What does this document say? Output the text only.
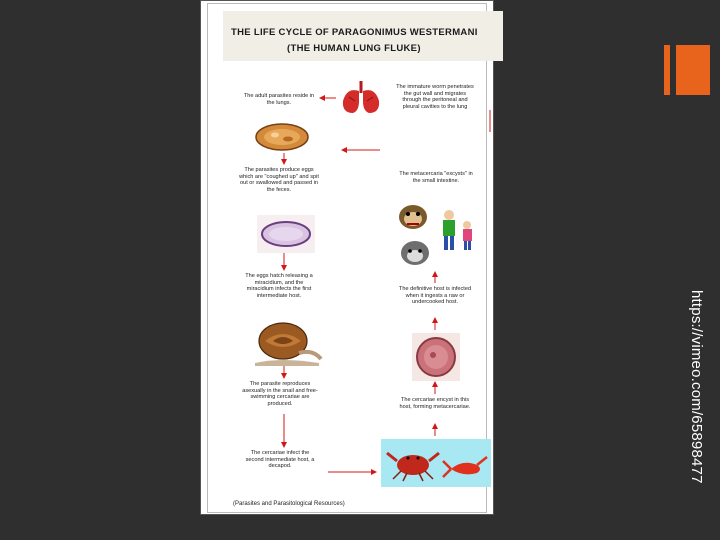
https://vimeo.com/65898477
THE LIFE CYCLE OF PARAGONIMUS WESTERMANI
(THE HUMAN LUNG FLUKE)
The adult parasites reside in the lungs.
The parasites produce eggs which are "coughed up" and spit out or swallowed and passed in the feces.
The eggs hatch releasing a miracidium, and the miracidium infects the first intermediate host.
The parasite reproduces asexually in the snail and free-swimming cercariae are produced.
The cercariae infect the second intermediate host, a decapod.
The immature worm penetrates the gut wall and migrates through the peritoneal and pleural cavities to the lung
The metacercaria "excysts" in the small intestine.
The definitive host is infected when it ingests a raw or undercooked host.
The cercariae encyst in this host, forming metacercariae.
(Parasites and Parasitological Resources)
